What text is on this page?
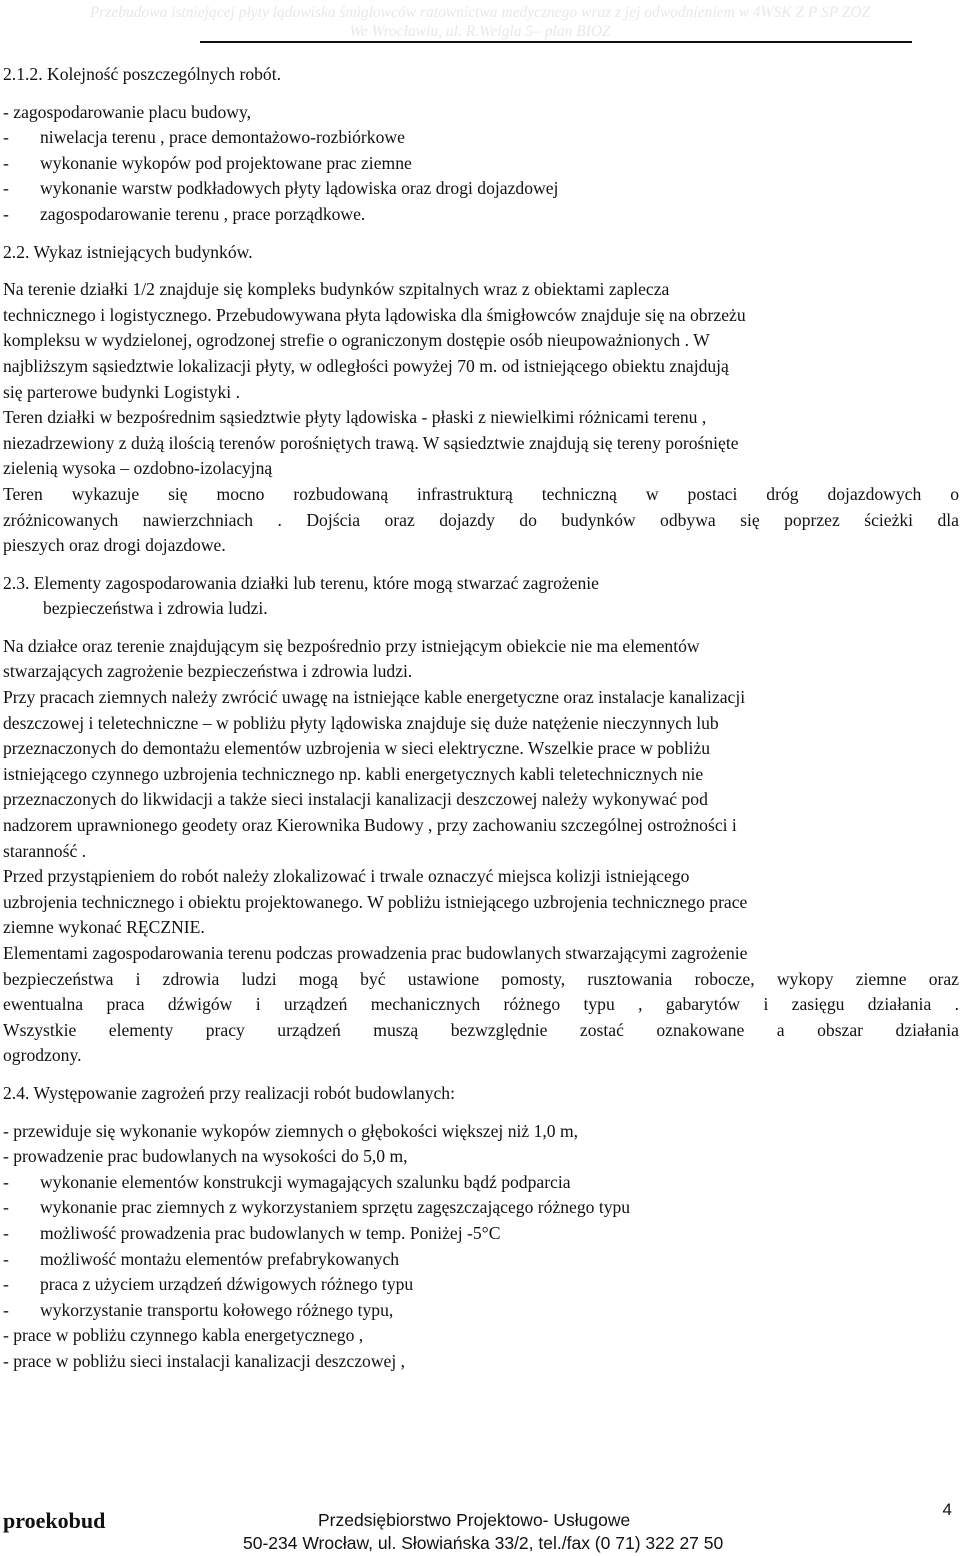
Przebudowa istniejącej płyty lądowiska śmigłowców ratownictwa medycznego wraz z jej odwodnieniem w 4WSK Z P SP ZOZ
We Wrocławiu, ul. R.Weigla 5– plan BIOZ
2.1.2. Kolejność poszczególnych robót.
- zagospodarowanie placu budowy,
-	niwelacja terenu , prace demontażowo-rozbiórkowe
-	wykonanie wykopów pod projektowane prac ziemne
-	wykonanie warstw podkładowych płyty lądowiska oraz drogi dojazdowej
-	zagospodarowanie terenu , prace porządkowe.
2.2. Wykaz istniejących budynków.
Na terenie działki 1/2 znajduje się kompleks budynków szpitalnych wraz z obiektami zaplecza
technicznego i logistycznego. Przebudowywana płyta lądowiska dla śmigłowców znajduje się na obrzeżu
kompleksu w wydzielonej, ogrodzonej strefie o ograniczonym dostępie osób nieupoważnionych . W
najbliższym sąsiedztwie lokalizacji płyty, w odległości powyżej 70 m. od istniejącego obiektu znajdują
się parterowe budynki Logistyki .
Teren działki w bezpośrednim sąsiedztwie płyty lądowiska - płaski z niewielkimi różnicami terenu ,
niezadrzewiony z dużą ilością terenów porośniętych trawą. W sąsiedztwie znajdują się tereny porośnięte
zielenią wysoka – ozdobno-izolacyjną
Teren wykazuje się mocno rozbudowaną infrastrukturą techniczną w postaci dróg dojazdowych o
zróżnicowanych nawierzchniach . Dojścia oraz dojazdy do budynków odbywa się poprzez ścieżki dla
pieszych oraz drogi dojazdowe.
2.3. Elementy zagospodarowania działki lub terenu, które mogą stwarzać zagrożenie
bezpieczeństwa i zdrowia ludzi.
Na działce oraz terenie znajdującym się bezpośrednio przy istniejącym obiekcie nie ma elementów
stwarzających zagrożenie bezpieczeństwa i zdrowia ludzi.
Przy pracach ziemnych należy zwrócić uwagę na istniejące kable energetyczne oraz instalacje kanalizacji
deszczowej i teletechniczne – w pobliżu płyty lądowiska znajduje się duże natężenie nieczynnych lub
przeznaczonych do demontażu elementów uzbrojenia w sieci elektryczne. Wszelkie prace w pobliżu
istniejącego czynnego uzbrojenia technicznego np. kabli energetycznych kabli teletechnicznych nie
przeznaczonych do likwidacji a także sieci instalacji kanalizacji deszczowej należy wykonywać pod
nadzorem uprawnionego geodety oraz Kierownika Budowy , przy zachowaniu szczególnej ostrożności i
staranność .
Przed przystąpieniem do robót należy zlokalizować i trwale oznaczyć miejsca kolizji istniejącego
uzbrojenia technicznego i obiektu projektowanego. W pobliżu istniejącego uzbrojenia technicznego prace
ziemne wykonać RĘCZNIE.
Elementami zagospodarowania terenu podczas prowadzenia prac budowlanych stwarzającymi zagrożenie
bezpieczeństwa i zdrowia ludzi mogą być ustawione pomosty, rusztowania robocze, wykopy ziemne oraz
ewentualna praca dźwigów i urządzeń mechanicznych różnego typu , gabarytów i zasięgu działania .
Wszystkie elementy pracy urządzeń muszą bezwzględnie zostać oznakowane a obszar działania
ogrodzony.
2.4. Występowanie zagrożeń przy realizacji robót budowlanych:
- przewiduje się wykonanie wykopów ziemnych o głębokości większej niż 1,0 m,
- prowadzenie prac budowlanych na wysokości do 5,0 m,
-	wykonanie elementów konstrukcji wymagających szalunku bądź podparcia
-	wykonanie prac ziemnych z wykorzystaniem sprzętu zagęszczającego różnego typu
-	możliwość prowadzenia prac budowlanych w temp. Poniżej -5°C
-	możliwość montażu elementów prefabrykowanych
-	praca z użyciem urządzeń dźwigowych różnego typu
-	wykorzystanie transportu kołowego różnego typu,
- prace w pobliżu czynnego kabla energetycznego ,
- prace w pobliżu sieci instalacji kanalizacji deszczowej ,
proekobud	Przedsiębiorstwo Projektowo- Usługowe
50-234 Wrocław, ul. Słowiańska 33/2, tel./fax (0 71) 322 27 50
4
